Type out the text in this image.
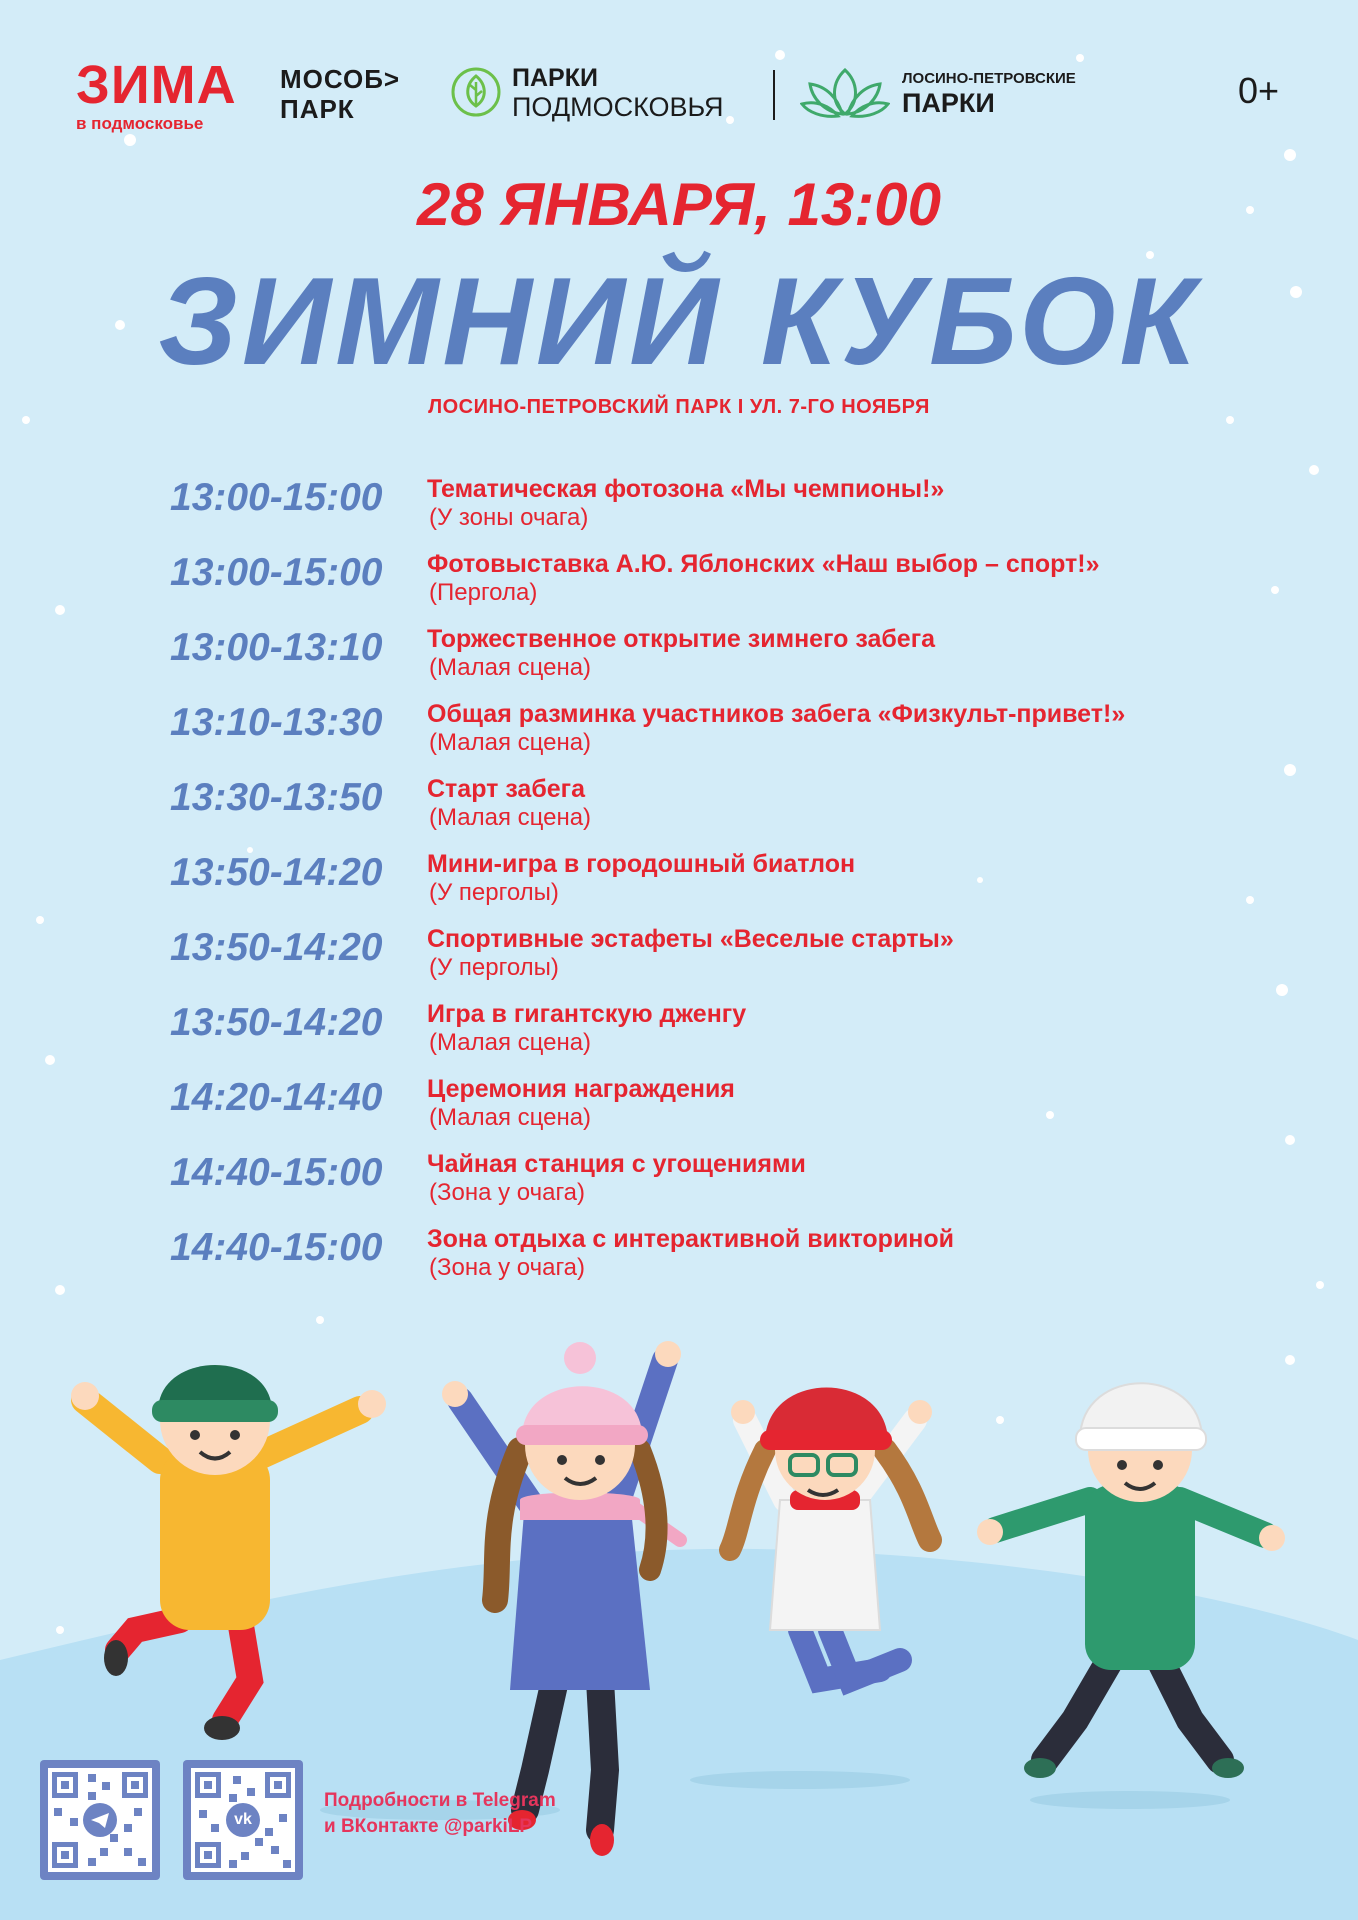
ЗИМА
в подмосковье
МОСОБ>
ПАРК
ПАРКИ
ПОДМОСКОВЬЯ
ЛОСИНО-ПЕТРОВСКИЕ
ПАРКИ	0+
28 ЯНВАРЯ, 13:00
ЗИМНИЙ КУБОК
ЛОСИНО-ПЕТРОВСКИЙ ПАРК I УЛ. 7-ГО НОЯБРЯ
13:00-15:00	Тематическая фотозона «Мы чемпионы!»
(У зоны очага)
13:00-15:00	Фотовыставка А.Ю. Яблонских «Наш выбор – спорт!»
(Пергола)
13:00-13:10	Торжественное открытие зимнего забега
(Малая сцена)
13:10-13:30	Общая разминка участников забега «Физкульт-привет!»
(Малая сцена)
13:30-13:50	Старт забега
(Малая сцена)
13:50-14:20	Мини-игра в городошный биатлон
(У перголы)
13:50-14:20	Спортивные эстафеты «Веселые старты»
(У перголы)
13:50-14:20	Игра в гигантскую дженгу
(Малая сцена)
14:20-14:40	Церемония награждения
(Малая сцена)
14:40-15:00	Чайная станция с угощениями
(Зона у очага)
14:40-15:00	Зона отдыха с интерактивной викториной
(Зона у очага)
vk
Подробности в Telegram
и ВКонтакте @parkiLP
